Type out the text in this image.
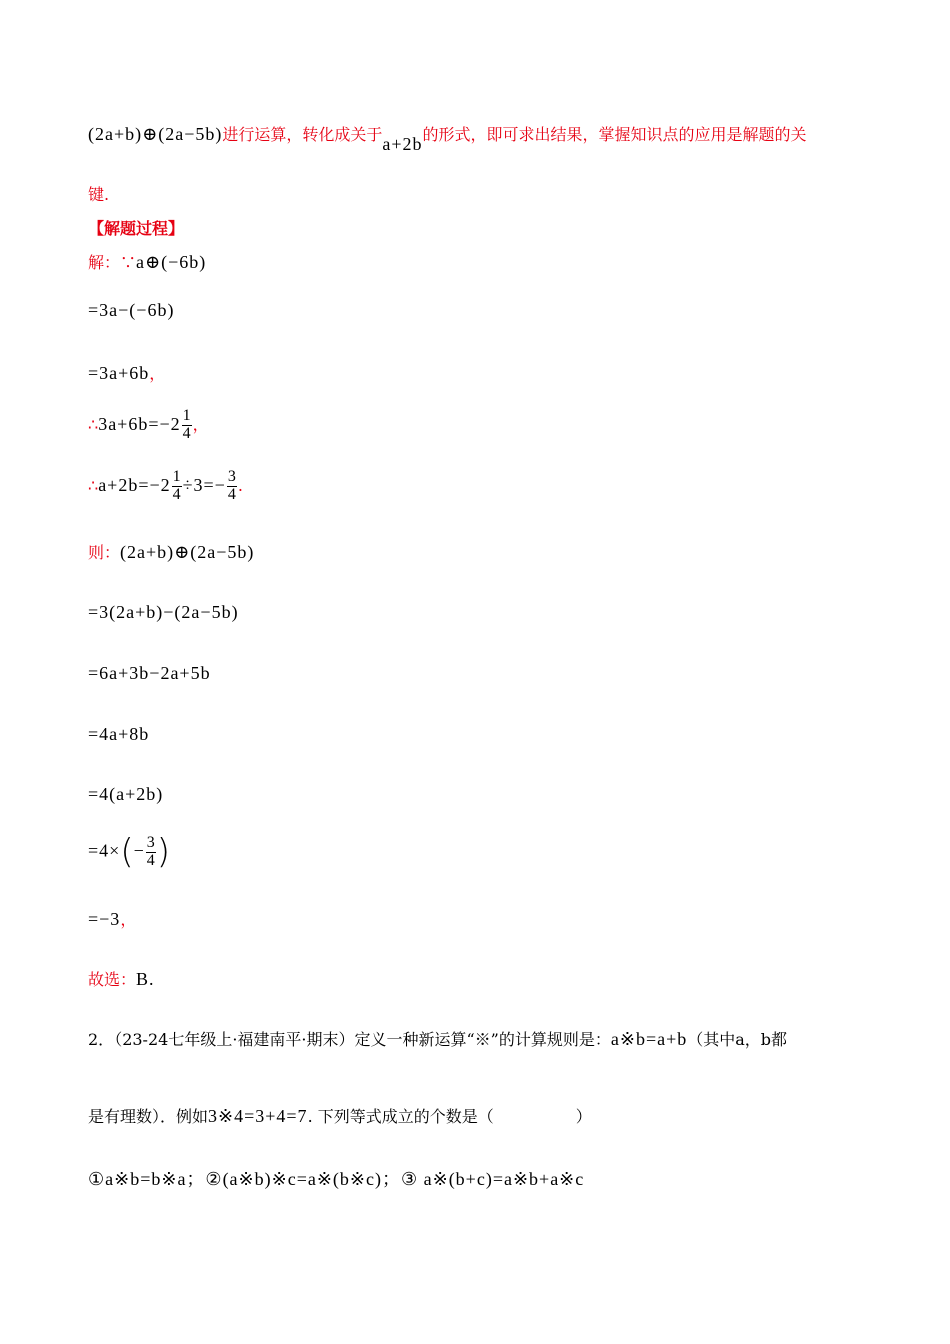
(2a+b)⊕(2a−5b)进行运算，转化成关于a+2b的形式，即可求出结果，掌握知识点的应用是解题的关
键.
【解题过程】
解：∵a⊕(−6b)
=3a−(−6b)
=3a+6b，
∴3a+6b=−2 $\frac{1}{4}$ ，
∴a+2b=−2 $\frac{1}{4} \div 3=- \frac{3}{4}$ .
则：(2a+b)⊕(2a−5b)
=3(2a+b)−(2a−5b)
=6a+3b−2a+5b
=4a+8b
=4(a+2b)
$=4\times(- \frac{3}{4}$ )
=−3，
故选：B.
2．（23-24七年级上·福建南平·期末）定义一种新运算“※”的计算规则是：a※b=a+b（其中a，b都
是有理数）．例如3※4=3+4=7. 下列等式成立的个数是（	）
①a※b=b※a；②(a※b)※c=a※(b※c)；③ a※(b+c)=a※b+a※c
